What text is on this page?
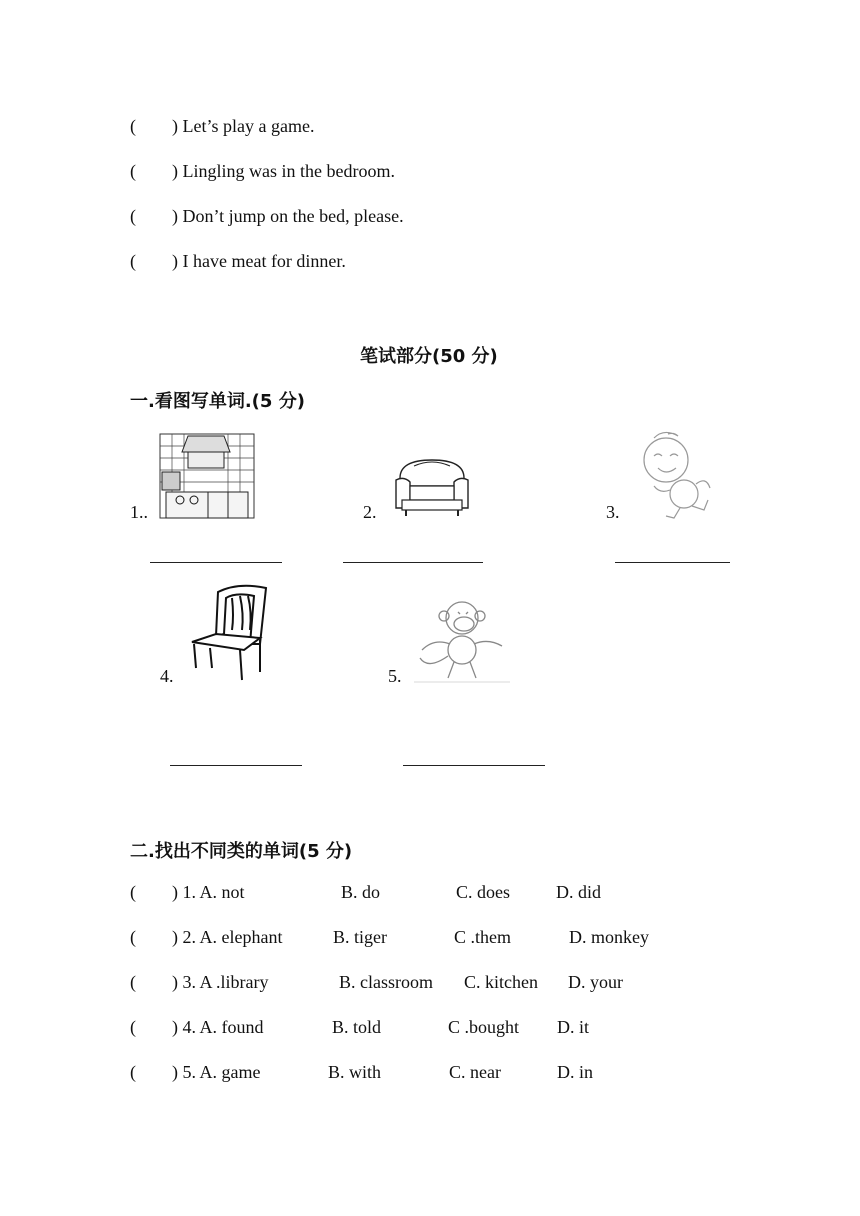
(        ) Let’s play a game.
(        ) Lingling was in the bedroom.
(        ) Don’t jump on the bed, please.
(        ) I have meat for dinner.
笔试部分(50 分)
一.看图写单词.(5 分)
1..	2.	3.
4.	5.
二.找出不同类的单词(5 分)
(        ) 1. A. not	B. do	C. does	D. did
(        ) 2. A. elephant	B. tiger	C .them	D. monkey
(        ) 3. A .library	B. classroom C. kitchen D. your
(        ) 4. A. found	B. told	C .bought D. it
(        ) 5. A. game	B. with	C. near	D. in
